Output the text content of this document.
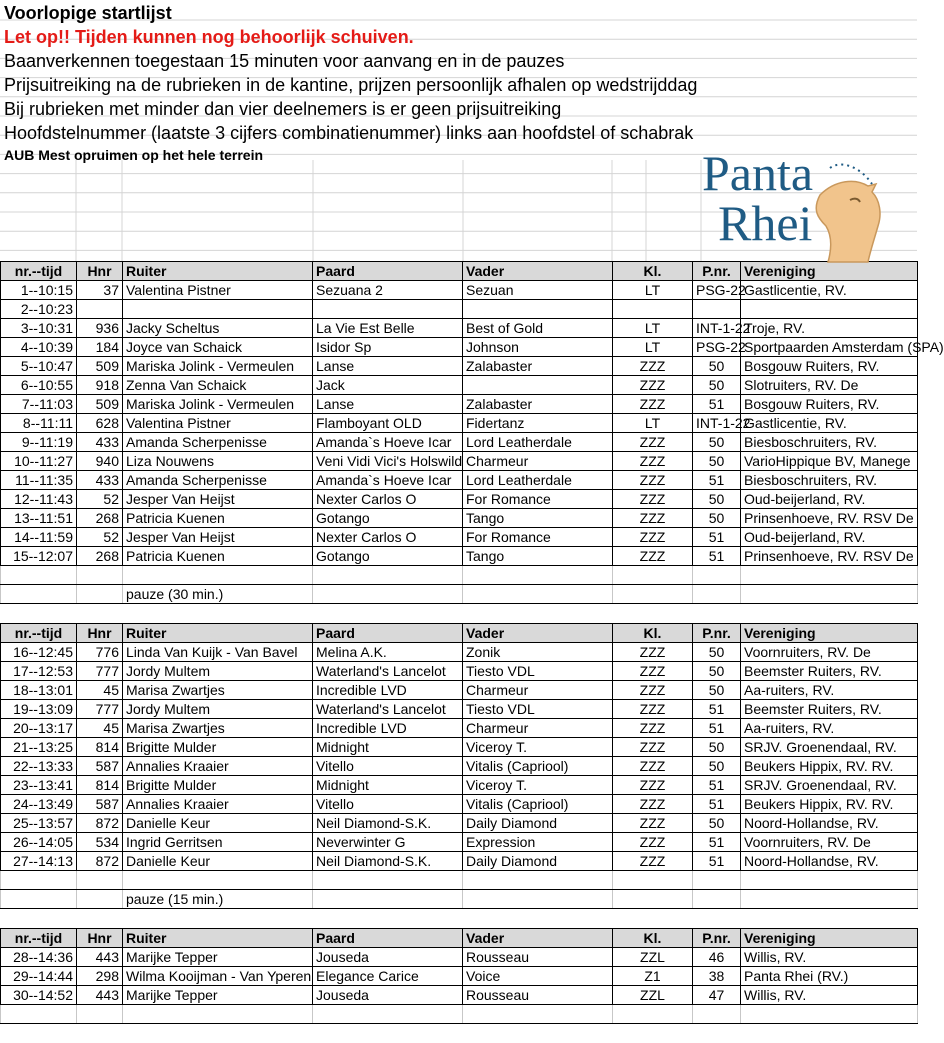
Voorlopige startlijst
Let op!! Tijden kunnen nog behoorlijk schuiven.
Baanverkennen toegestaan 15 minuten voor aanvang en in de pauzes
Prijsuitreiking na de rubrieken in de kantine, prijzen persoonlijk afhalen op wedstrijddag
Bij rubrieken met minder dan vier deelnemers is er geen prijsuitreiking
Hoofdstelnummer (laatste 3 cijfers combinatienummer) links aan hoofdstel of schabrak
AUB Mest opruimen op het hele terrein	Panta
Rhei
nr.--tijd	Hnr	Ruiter	Paard	Vader	Kl.	P.nr.	Vereniging
1--10:15	37	Valentina Pistner	Sezuana 2	Sezuan	LT	PSG-22	Gastlicentie, RV.
2--10:23							
3--10:31	936	Jacky Scheltus	La Vie Est Belle	Best of Gold	LT	INT-1-22	Troje, RV.
4--10:39	184	Joyce van Schaick	Isidor Sp	Johnson	LT	PSG-22	Sportpaarden Amsterdam (SPA)
5--10:47	509	Mariska Jolink - Vermeulen	Lanse	Zalabaster	ZZZ	50	Bosgouw Ruiters, RV.
6--10:55	918	Zenna Van Schaick	Jack		ZZZ	50	Slotruiters, RV. De
7--11:03	509	Mariska Jolink - Vermeulen	Lanse	Zalabaster	ZZZ	51	Bosgouw Ruiters, RV.
8--11:11	628	Valentina Pistner	Flamboyant OLD	Fidertanz	LT	INT-1-22	Gastlicentie, RV.
9--11:19	433	Amanda Scherpenisse	Amanda`s Hoeve Icar	Lord Leatherdale	ZZZ	50	Biesboschruiters, RV.
10--11:27	940	Liza Nouwens	Veni Vidi Vici's Holswild	Charmeur	ZZZ	50	VarioHippique BV, Manege
11--11:35	433	Amanda Scherpenisse	Amanda`s Hoeve Icar	Lord Leatherdale	ZZZ	51	Biesboschruiters, RV.
12--11:43	52	Jesper Van Heijst	Nexter Carlos O	For Romance	ZZZ	50	Oud-beijerland, RV.
13--11:51	268	Patricia Kuenen	Gotango	Tango	ZZZ	50	Prinsenhoeve, RV. RSV De
14--11:59	52	Jesper Van Heijst	Nexter Carlos O	For Romance	ZZZ	51	Oud-beijerland, RV.
15--12:07	268	Patricia Kuenen	Gotango	Tango	ZZZ	51	Prinsenhoeve, RV. RSV De

		pauze (30 min.)					
nr.--tijd	Hnr	Ruiter	Paard	Vader	Kl.	P.nr.	Vereniging
16--12:45	776	Linda Van Kuijk - Van Bavel	Melina A.K.	Zonik	ZZZ	50	Voornruiters, RV. De
17--12:53	777	Jordy Multem	Waterland's Lancelot	Tiesto VDL	ZZZ	50	Beemster Ruiters, RV.
18--13:01	45	Marisa Zwartjes	Incredible LVD	Charmeur	ZZZ	50	Aa-ruiters, RV.
19--13:09	777	Jordy Multem	Waterland's Lancelot	Tiesto VDL	ZZZ	51	Beemster Ruiters, RV.
20--13:17	45	Marisa Zwartjes	Incredible LVD	Charmeur	ZZZ	51	Aa-ruiters, RV.
21--13:25	814	Brigitte Mulder	Midnight	Viceroy T.	ZZZ	50	SRJV. Groenendaal, RV.
22--13:33	587	Annalies Kraaier	Vitello	Vitalis (Capriool)	ZZZ	50	Beukers Hippix, RV. RV.
23--13:41	814	Brigitte Mulder	Midnight	Viceroy T.	ZZZ	51	SRJV. Groenendaal, RV.
24--13:49	587	Annalies Kraaier	Vitello	Vitalis (Capriool)	ZZZ	51	Beukers Hippix, RV. RV.
25--13:57	872	Danielle Keur	Neil Diamond-S.K.	Daily Diamond	ZZZ	50	Noord-Hollandse, RV.
26--14:05	534	Ingrid Gerritsen	Neverwinter G	Expression	ZZZ	51	Voornruiters, RV. De
27--14:13	872	Danielle Keur	Neil Diamond-S.K.	Daily Diamond	ZZZ	51	Noord-Hollandse, RV.

		pauze (15 min.)					
nr.--tijd	Hnr	Ruiter	Paard	Vader	Kl.	P.nr.	Vereniging
28--14:36	443	Marijke Tepper	Jouseda	Rousseau	ZZL	46	Willis, RV.
29--14:44	298	Wilma Kooijman - Van Yperen	Elegance Carice	Voice	Z1	38	Panta Rhei (RV.)
30--14:52	443	Marijke Tepper	Jouseda	Rousseau	ZZL	47	Willis, RV.
